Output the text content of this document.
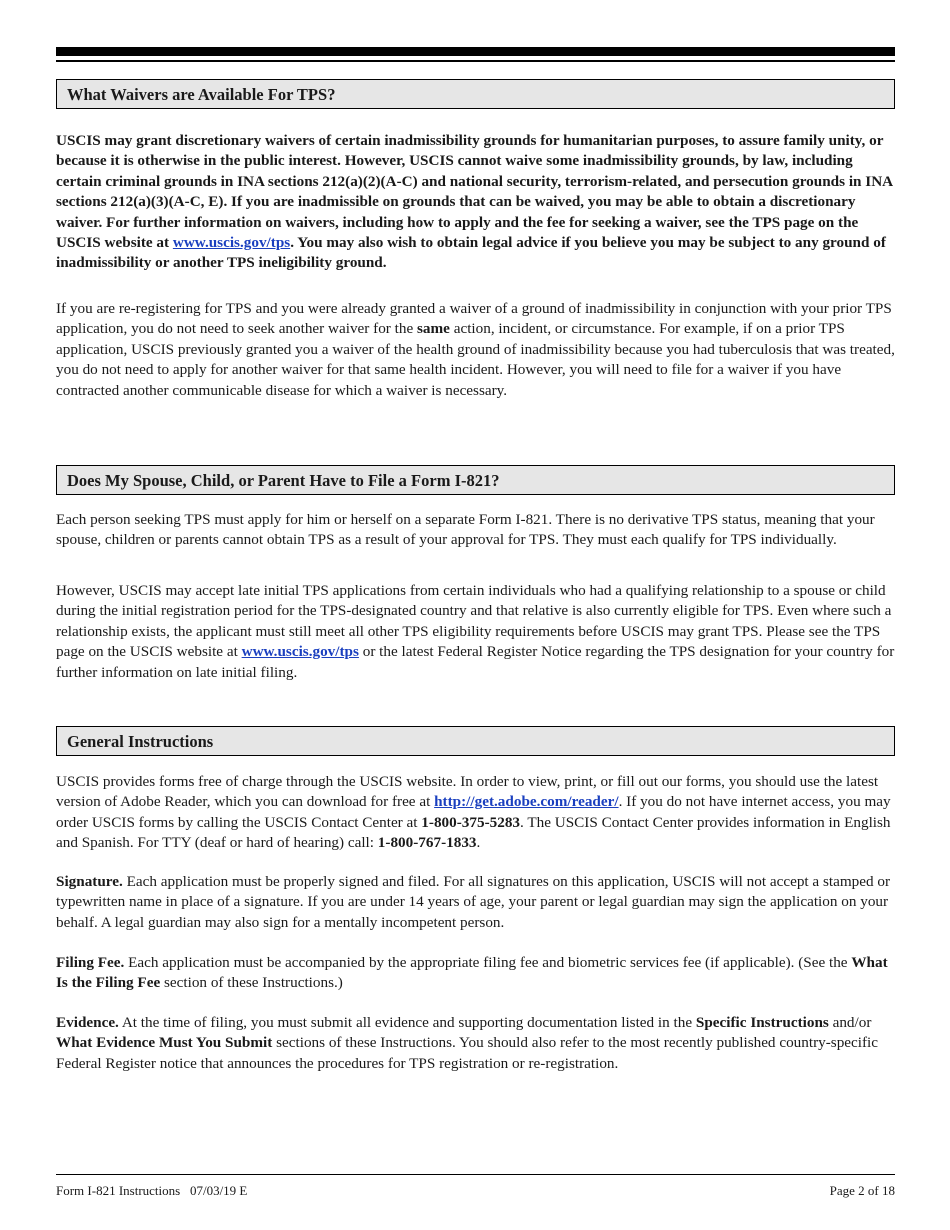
What Waivers are Available For TPS?

USCIS may grant discretionary waivers of certain inadmissibility grounds for humanitarian purposes, to assure family unity, or because it is otherwise in the public interest. However, USCIS cannot waive some inadmissibility grounds, by law, including certain criminal grounds in INA sections 212(a)(2)(A-C) and national security, terrorism-related, and persecution grounds in INA sections 212(a)(3)(A-C, E). If you are inadmissible on grounds that can be waived, you may be able to obtain a discretionary waiver. For further information on waivers, including how to apply and the fee for seeking a waiver, see the TPS page on the USCIS website at www.uscis.gov/tps. You may also wish to obtain legal advice if you believe you may be subject to any ground of inadmissibility or another TPS ineligibility ground.

If you are re-registering for TPS and you were already granted a waiver of a ground of inadmissibility in conjunction with your prior TPS application, you do not need to seek another waiver for the same action, incident, or circumstance. For example, if on a prior TPS application, USCIS previously granted you a waiver of the health ground of inadmissibility because you had tuberculosis that was treated, you do not need to apply for another waiver for that same health incident. However, you will need to file for a waiver if you have contracted another communicable disease for which a waiver is necessary.

Does My Spouse, Child, or Parent Have to File a Form I-821?

Each person seeking TPS must apply for him or herself on a separate Form I-821. There is no derivative TPS status, meaning that your spouse, children or parents cannot obtain TPS as a result of your approval for TPS. They must each qualify for TPS individually.

However, USCIS may accept late initial TPS applications from certain individuals who had a qualifying relationship to a spouse or child during the initial registration period for the TPS-designated country and that relative is also currently eligible for TPS. Even where such a relationship exists, the applicant must still meet all other TPS eligibility requirements before USCIS may grant TPS. Please see the TPS page on the USCIS website at www.uscis.gov/tps or the latest Federal Register Notice regarding the TPS designation for your country for further information on late initial filing.

General Instructions

USCIS provides forms free of charge through the USCIS website. In order to view, print, or fill out our forms, you should use the latest version of Adobe Reader, which you can download for free at http://get.adobe.com/reader/. If you do not have internet access, you may order USCIS forms by calling the USCIS Contact Center at 1-800-375-5283. The USCIS Contact Center provides information in English and Spanish. For TTY (deaf or hard of hearing) call: 1-800-767-1833.

Signature. Each application must be properly signed and filed. For all signatures on this application, USCIS will not accept a stamped or typewritten name in place of a signature. If you are under 14 years of age, your parent or legal guardian may sign the application on your behalf. A legal guardian may also sign for a mentally incompetent person.

Filing Fee. Each application must be accompanied by the appropriate filing fee and biometric services fee (if applicable). (See the What Is the Filing Fee section of these Instructions.)

Evidence. At the time of filing, you must submit all evidence and supporting documentation listed in the Specific Instructions and/or What Evidence Must You Submit sections of these Instructions. You should also refer to the most recently published country-specific Federal Register notice that announces the procedures for TPS registration or re-registration.

Form I-821 Instructions   07/03/19 E	Page 2 of 18
